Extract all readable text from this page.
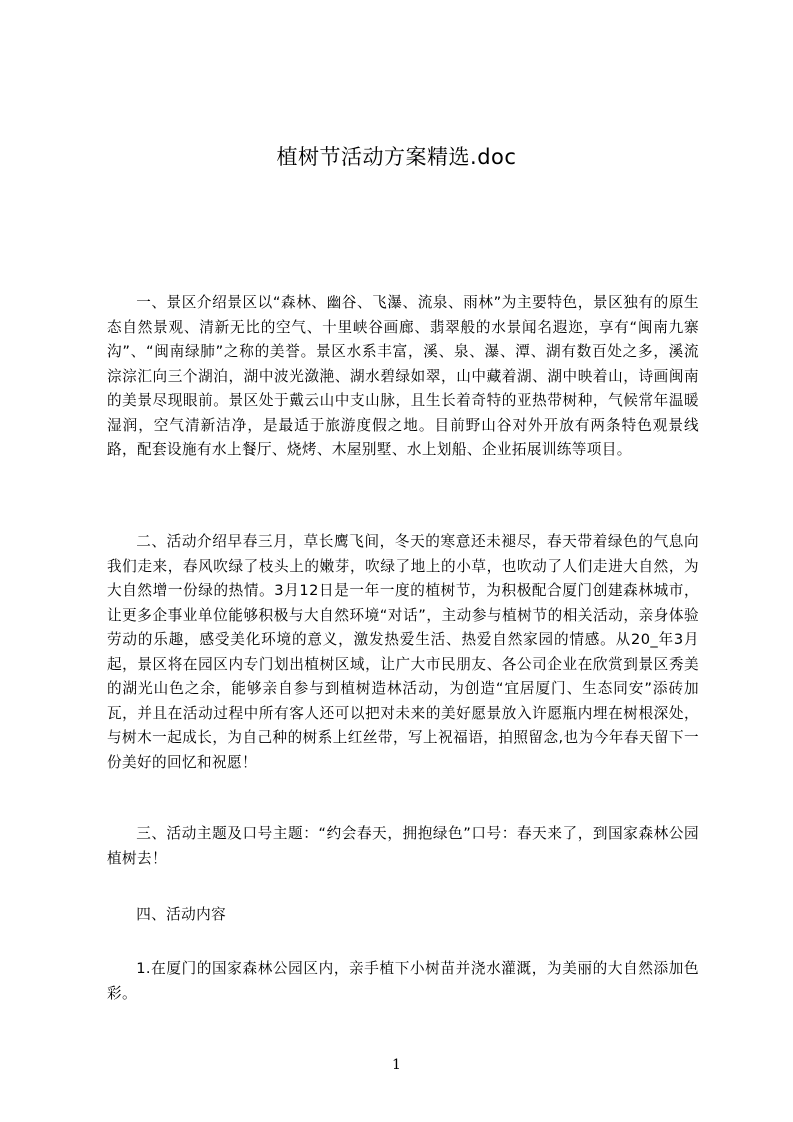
植树节活动方案精选.doc

一、景区介绍景区以“森林、幽谷、飞瀑、流泉、雨林”为主要特色，景区独有的原生态自然景观、清新无比的空气、十里峡谷画廊、翡翠般的水景闻名遐迩，享有“闽南九寨沟”、“闽南绿肺”之称的美誉。景区水系丰富，溪、泉、瀑、潭、湖有数百处之多，溪流淙淙汇向三个湖泊，湖中波光潋滟、湖水碧绿如翠，山中藏着湖、湖中映着山，诗画闽南的美景尽现眼前。景区处于戴云山中支山脉，且生长着奇特的亚热带树种，气候常年温暖湿润，空气清新洁净，是最适于旅游度假之地。目前野山谷对外开放有两条特色观景线路，配套设施有水上餐厅、烧烤、木屋别墅、水上划船、企业拓展训练等项目。

二、活动介绍早春三月，草长鹰飞间，冬天的寒意还未褪尽，春天带着绿色的气息向我们走来，春风吹绿了枝头上的嫩芽，吹绿了地上的小草，也吹动了人们走进大自然，为大自然增一份绿的热情。3月12日是一年一度的植树节，为积极配合厦门创建森林城市，让更多企事业单位能够积极与大自然环境“对话”，主动参与植树节的相关活动，亲身体验劳动的乐趣，感受美化环境的意义，激发热爱生活、热爱自然家园的情感。从20_年3月起，景区将在园区内专门划出植树区域，让广大市民朋友、各公司企业在欣赏到景区秀美的湖光山色之余，能够亲自参与到植树造林活动，为创造“宜居厦门、生态同安”添砖加瓦，并且在活动过程中所有客人还可以把对未来的美好愿景放入许愿瓶内埋在树根深处，与树木一起成长，为自己种的树系上红丝带，写上祝福语，拍照留念,也为今年春天留下一份美好的回忆和祝愿！

三、活动主题及口号主题：“约会春天，拥抱绿色”口号：春天来了，到国家森林公园植树去！

四、活动内容

1.在厦门的国家森林公园区内，亲手植下小树苗并浇水灌溉，为美丽的大自然添加色彩。

1
